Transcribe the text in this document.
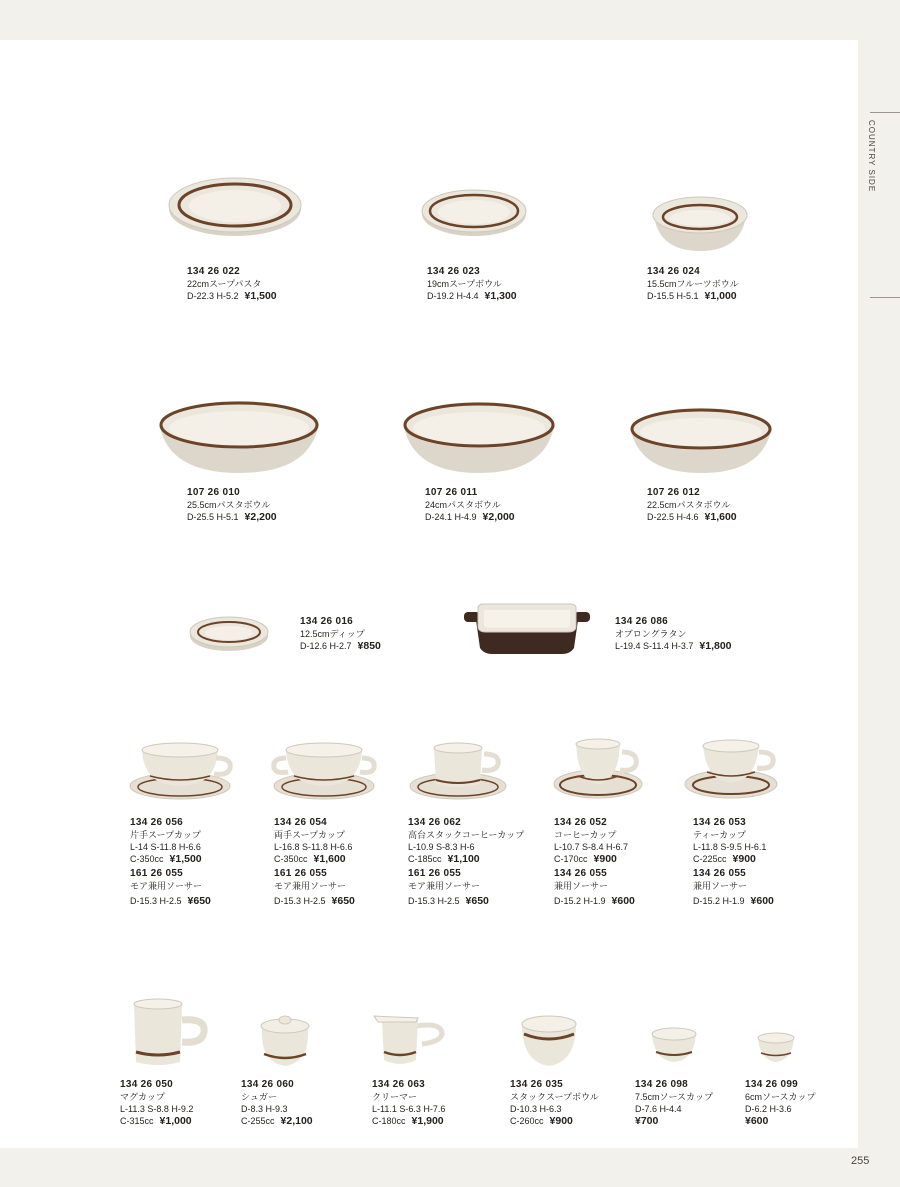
COUNTRY SIDE
134 26 022
22cmスープパスタ
D-22.3 H-5.2 ¥1,500
134 26 023
19cmスープボウル
D-19.2 H-4.4 ¥1,300
134 26 024
15.5cmフルーツボウル
D-15.5 H-5.1 ¥1,000
107 26 010
25.5cmパスタボウル
D-25.5 H-5.1 ¥2,200
107 26 011
24cmパスタボウル
D-24.1 H-4.9 ¥2,000
107 26 012
22.5cmパスタボウル
D-22.5 H-4.6 ¥1,600
134 26 016
12.5cmディップ
D-12.6 H-2.7 ¥850
134 26 086
オブロングラタン
L-19.4 S-11.4 H-3.7 ¥1,800
134 26 056
片手スープカップ
L-14 S-11.8 H-6.6
C-350cc ¥1,500
161 26 055
モア兼用ソーサー
D-15.3 H-2.5 ¥650
134 26 054
両手スープカップ
L-16.8 S-11.8 H-6.6
C-350cc ¥1,600
161 26 055
モア兼用ソーサー
D-15.3 H-2.5 ¥650
134 26 062
高台スタックコーヒーカップ
L-10.9 S-8.3 H-6
C-185cc ¥1,100
161 26 055
モア兼用ソーサー
D-15.3 H-2.5 ¥650
134 26 052
コーヒーカップ
L-10.7 S-8.4 H-6.7
C-170cc ¥900
134 26 055
兼用ソーサー
D-15.2 H-1.9 ¥600
134 26 053
ティーカップ
L-11.8 S-9.5 H-6.1
C-225cc ¥900
134 26 055
兼用ソーサー
D-15.2 H-1.9 ¥600
134 26 050
マグカップ
L-11.3 S-8.8 H-9.2
C-315cc ¥1,000
134 26 060
シュガー
D-8.3 H-9.3
C-255cc ¥2,100
134 26 063
クリーマー
L-11.1 S-6.3 H-7.6
C-180cc ¥1,900
134 26 035
スタックスープボウル
D-10.3 H-6.3
C-260cc ¥900
134 26 098
7.5cmソースカップ
D-7.6 H-4.4
¥700
134 26 099
6cmソースカップ
D-6.2 H-3.6
¥600
255
